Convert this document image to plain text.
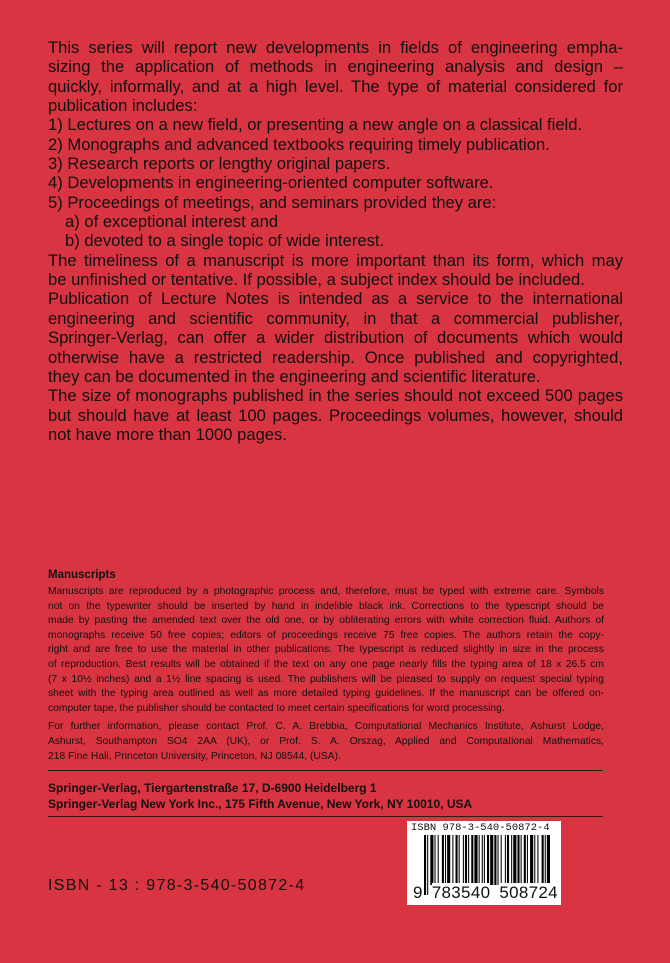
This series will report new developments in fields of engineering empha-
sizing the application of methods in engineering analysis and design –
quickly, informally, and at a high level. The type of material considered for
publication includes:
1) Lectures on a new field, or presenting a new angle on a classical field.
2) Monographs and advanced textbooks requiring timely publication.
3) Research reports or lengthy original papers.
4) Developments in engineering-oriented computer software.
5) Proceedings of meetings, and seminars provided they are:
a) of exceptional interest and
b) devoted to a single topic of wide interest.
The timeliness of a manuscript is more important than its form, which may
be unfinished or tentative. If possible, a subject index should be included.
Publication of Lecture Notes is intended as a service to the international
engineering and scientific community, in that a commercial publisher,
Springer-Verlag, can offer a wider distribution of documents which would
otherwise have a restricted readership. Once published and copyrighted,
they can be documented in the engineering and scientific literature.
The size of monographs published in the series should not exceed 500 pages
but should have at least 100 pages. Proceedings volumes, however, should
not have more than 1000 pages.
Manuscripts
Manuscripts are reproduced by a photographic process and, therefore, must be typed with extreme care. Symbols
not on the typewriter should be inserted by hand in indelible black ink. Corrections to the typescript should be
made by pasting the amended text over the old one, or by obliterating errors with white correction fluid. Authors of
monographs receive 50 free copies; editors of proceedings receive 75 free copies. The authors retain the copy-
right and are free to use the material in other publications. The typescript is reduced slightly in size in the process
of reproduction. Best results will be obtained if the text on any one page nearly fills the typing area of 18 x 26.5 cm
(7 x 10½ inches) and a 1½ line spacing is used. The publishers will be pleased to supply on request special typing
sheet with the typing area outlined as well as more detailed typing guidelines. If the manuscript can be offered on-
computer tape, the publisher should be contacted to meet certain specifications for word processing.
For further information, please contact Prof. C. A. Brebbia, Computational Mechanics Institute, Ashurst Lodge,
Ashurst, Southampton SO4 2AA (UK), or Prof. S. A. Orszag, Applied and Computational Mathematics,
218 Fine Hall, Princeton University, Princeton, NJ 08544, (USA).
Springer-Verlag, Tiergartenstraße 17, D-6900 Heidelberg 1
Springer-Verlag New York Inc., 175 Fifth Avenue, New York, NY 10010, USA
ISBN - 13 : 978-3-540-50872-4
ISBN 978-3-540-50872-4
9 783540 508724
